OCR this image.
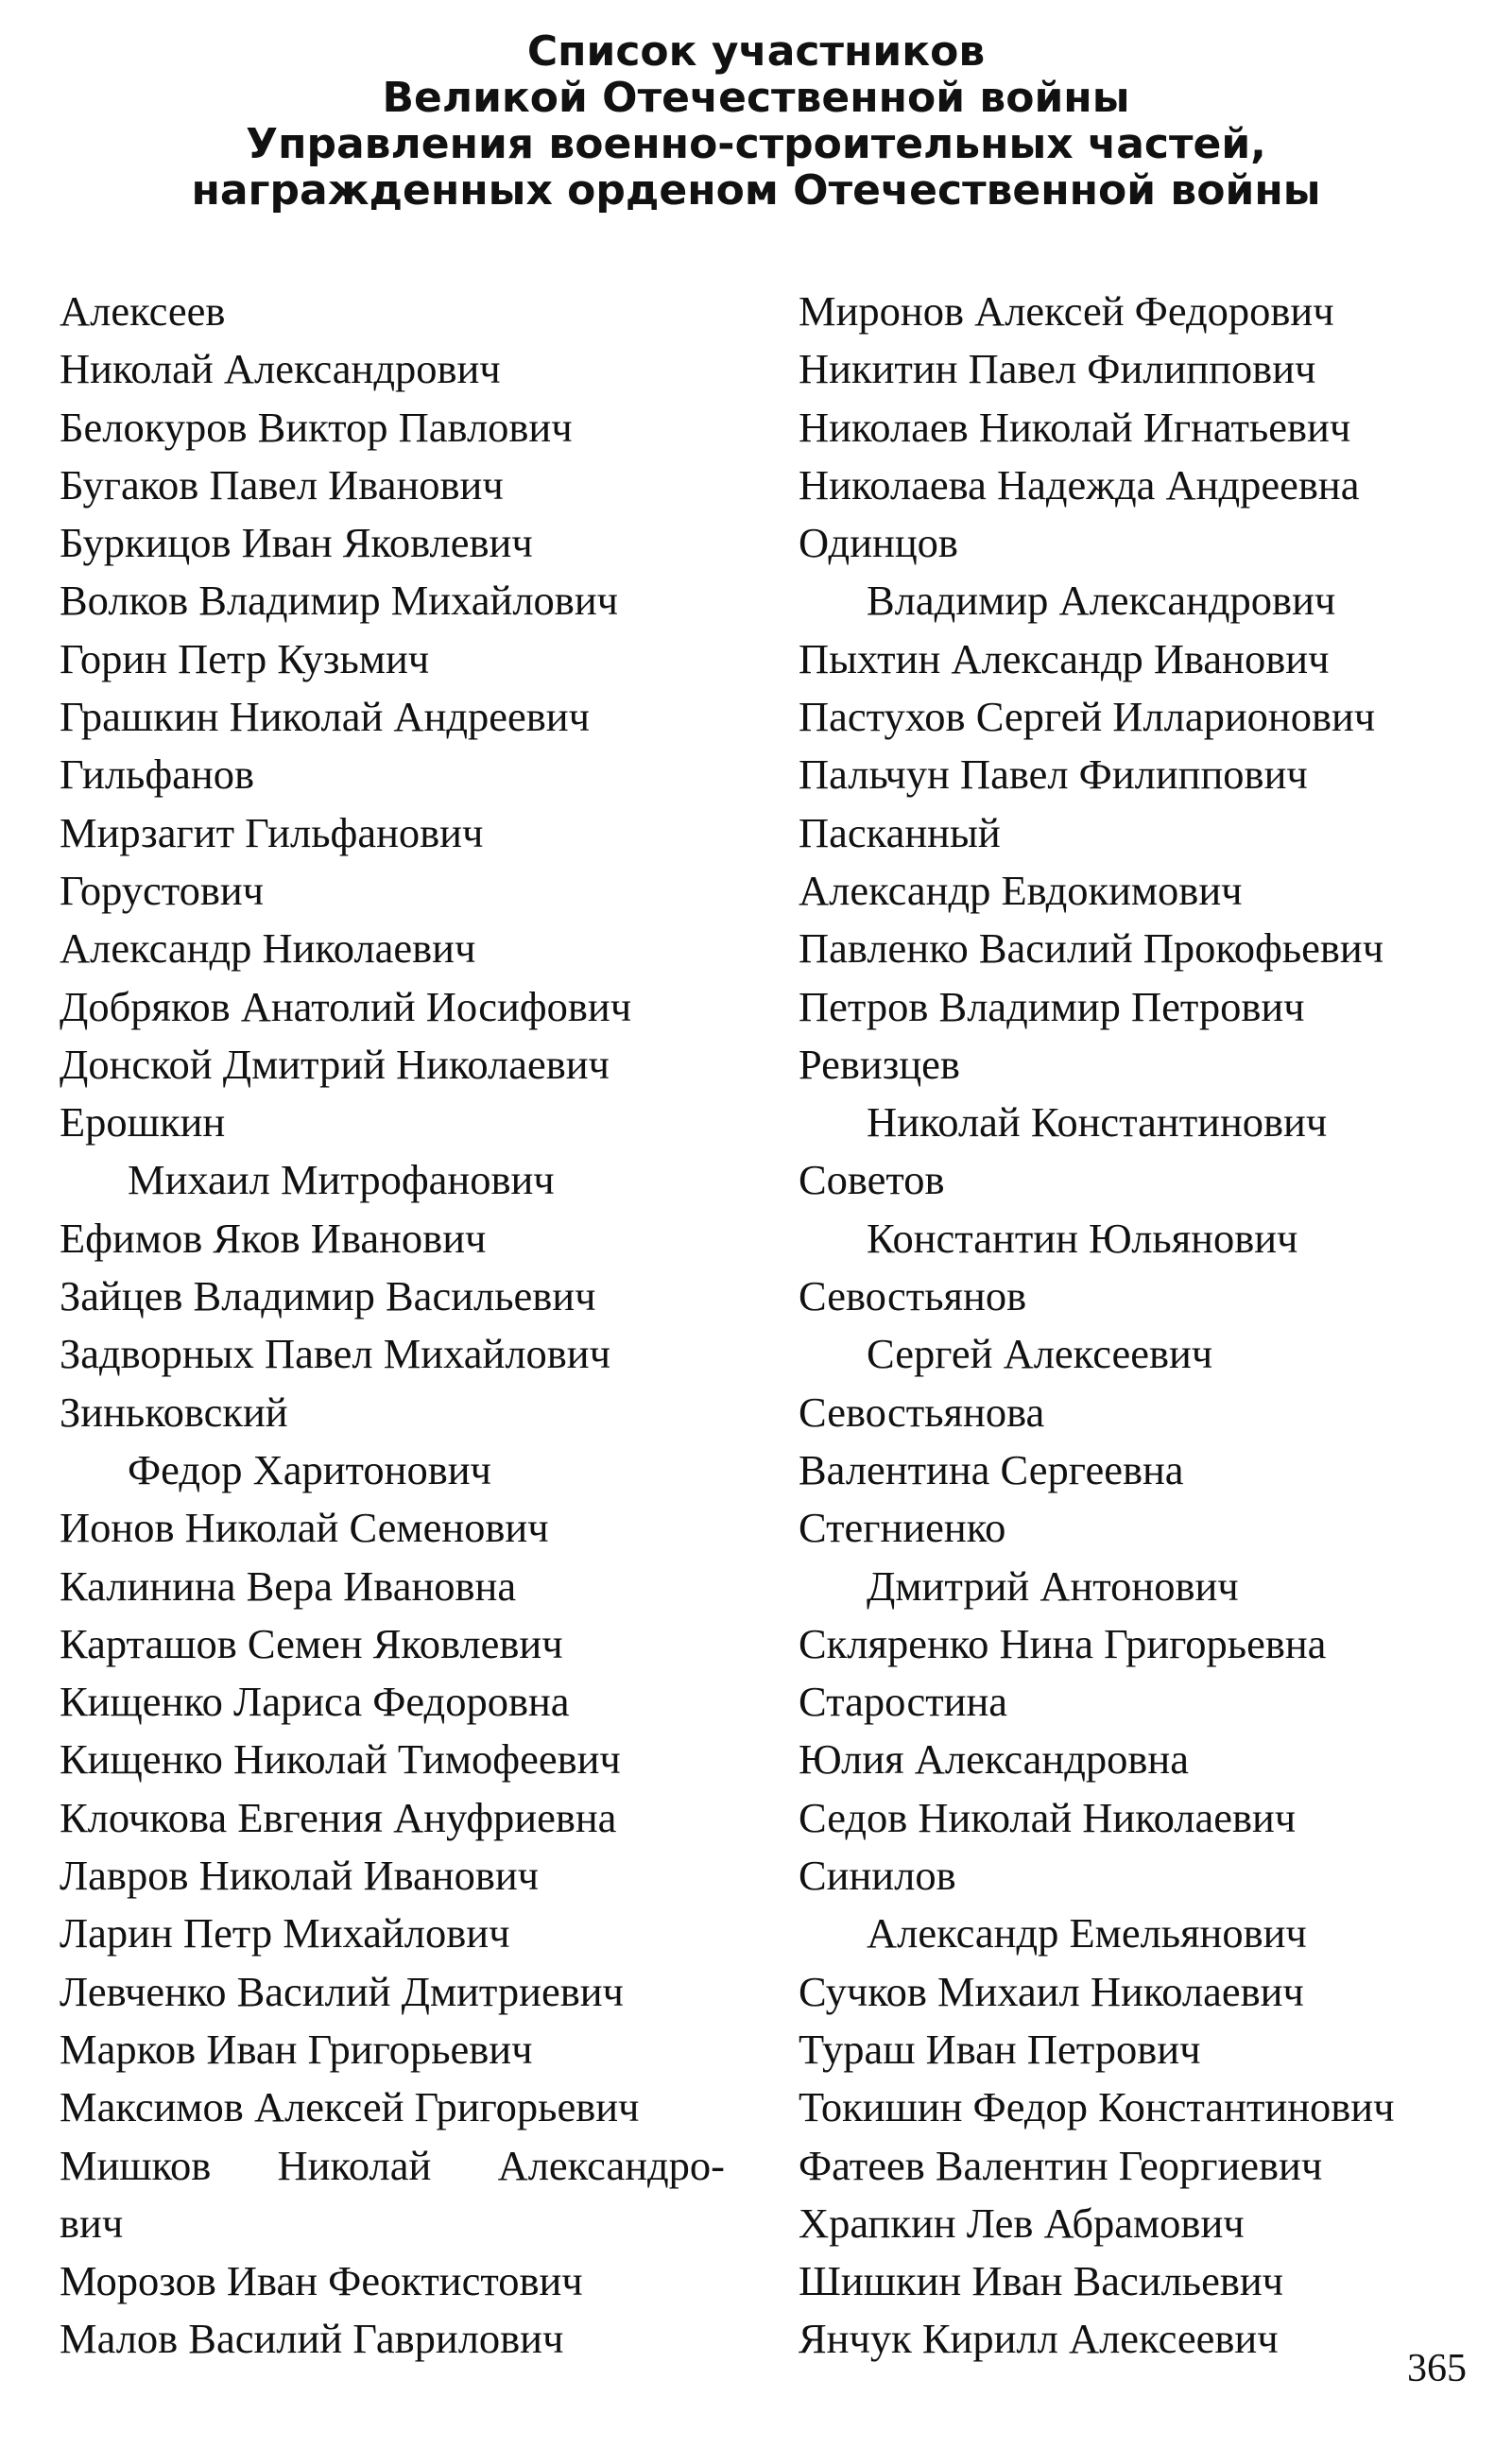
Список участников
Великой Отечественной войны
Управления военно-строительных частей,
награжденных орденом Отечественной войны
Алексеев
Николай Александрович
Белокуров Виктор Павлович
Бугаков Павел Иванович
Буркицов Иван Яковлевич
Волков Владимир Михайлович
Горин Петр Кузьмич
Грашкин Николай Андреевич
Гильфанов
Мирзагит Гильфанович
Горустович
Александр Николаевич
Добряков Анатолий Иосифович
Донской Дмитрий Николаевич
Ерошкин
Михаил Митрофанович
Ефимов Яков Иванович
Зайцев Владимир Васильевич
Задворных Павел Михайлович
Зиньковский
Федор Харитонович
Ионов Николай Семенович
Калинина Вера Ивановна
Карташов Семен Яковлевич
Кищенко Лариса Федоровна
Кищенко Николай Тимофеевич
Клочкова Евгения Ануфриевна
Лавров Николай Иванович
Ларин Петр Михайлович
Левченко Василий Дмитриевич
Марков Иван Григорьевич
Максимов Алексей Григорьевич
Мишков Николай Александро-
вич
Морозов Иван Феоктистович
Малов Василий Гаврилович
Миронов Алексей Федорович
Никитин Павел Филиппович
Николаев Николай Игнатьевич
Николаева Надежда Андреевна
Одинцов
Владимир Александрович
Пыхтин Александр Иванович
Пастухов Сергей Илларионович
Пальчун Павел Филиппович
Пасканный
Александр Евдокимович
Павленко Василий Прокофьевич
Петров Владимир Петрович
Ревизцев
Николай Константинович
Советов
Константин Юльянович
Севостьянов
Сергей Алексеевич
Севостьянова
Валентина Сергеевна
Стегниенко
Дмитрий Антонович
Скляренко Нина Григорьевна
Старостина
Юлия Александровна
Седов Николай Николаевич
Синилов
Александр Емельянович
Сучков Михаил Николаевич
Тураш Иван Петрович
Токишин Федор Константинович
Фатеев Валентин Георгиевич
Храпкин Лев Абрамович
Шишкин Иван Васильевич
Янчук Кирилл Алексеевич
365
